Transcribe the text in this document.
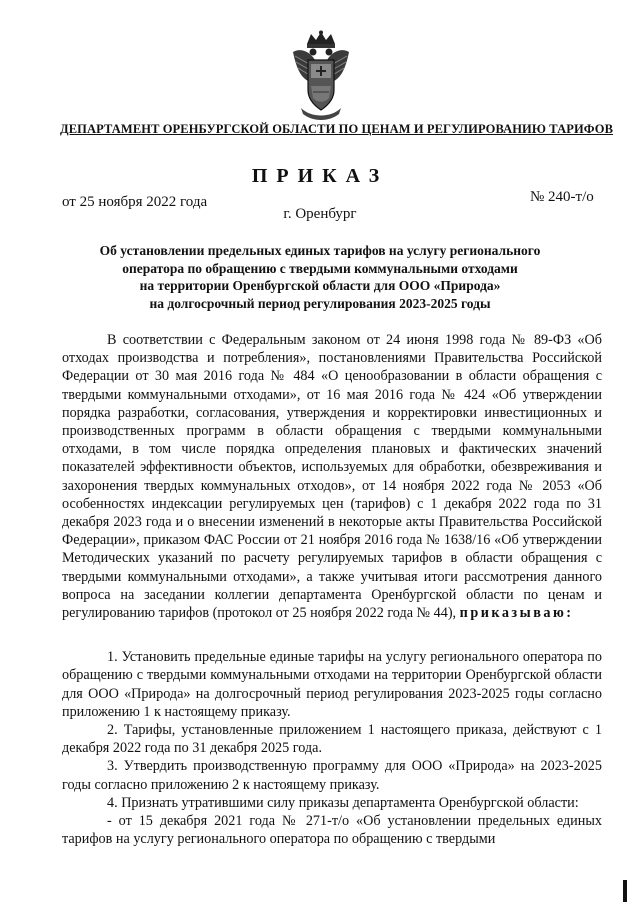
ДЕПАРТАМЕНТ ОРЕНБУРГСКОЙ ОБЛАСТИ ПО ЦЕНАМ И РЕГУЛИРОВАНИЮ ТАРИФОВ
ПРИКАЗ
от 25 ноября 2022 года	№ 240-т/о
г. Оренбург
Об установлении предельных единых тарифов на услугу регионального
оператора по обращению с твердыми коммунальными отходами
на территории Оренбургской области для ООО «Природа»
на долгосрочный период регулирования 2023-2025 годы

В соответствии с Федеральным законом от 24 июня 1998 года № 89-ФЗ «Об отходах производства и потребления», постановлениями Правительства Российской Федерации от 30 мая 2016 года № 484 «О ценообразовании в области обращения с твердыми коммунальными отходами», от 16 мая 2016 года № 424 «Об утверждении порядка разработки, согласования, утверждения и корректировки инвестиционных и производственных программ в области обращения с твердыми коммунальными отходами, в том числе порядка определения плановых и фактических значений показателей эффективности объектов, используемых для обработки, обезвреживания и захоронения твердых коммунальных отходов», от 14 ноября 2022 года № 2053 «Об особенностях индексации регулируемых цен (тарифов) с 1 декабря 2022 года по 31 декабря 2023 года и о внесении изменений в некоторые акты Правительства Российской Федерации», приказом ФАС России от 21 ноября 2016 года № 1638/16 «Об утверждении Методических указаний по расчету регулируемых тарифов в области обращения с твердыми коммунальными отходами», а также учитывая итоги рассмотрения данного вопроса на заседании коллегии департамента Оренбургской области по ценам и регулированию тарифов (протокол от 25 ноября 2022 года № 44), приказываю:

1. Установить предельные единые тарифы на услугу регионального оператора по обращению с твердыми коммунальными отходами на территории Оренбургской области для ООО «Природа» на долгосрочный период регулирования 2023-2025 годы согласно приложению 1 к настоящему приказу.

2. Тарифы, установленные приложением 1 настоящего приказа, действуют с 1 декабря 2022 года по 31 декабря 2025 года.

3. Утвердить производственную программу для ООО «Природа» на 2023-2025 годы согласно приложению 2 к настоящему приказу.

4. Признать утратившими силу приказы департамента Оренбургской области:

- от 15 декабря 2021 года № 271-т/о «Об установлении предельных единых тарифов на услугу регионального оператора по обращению с твердыми
